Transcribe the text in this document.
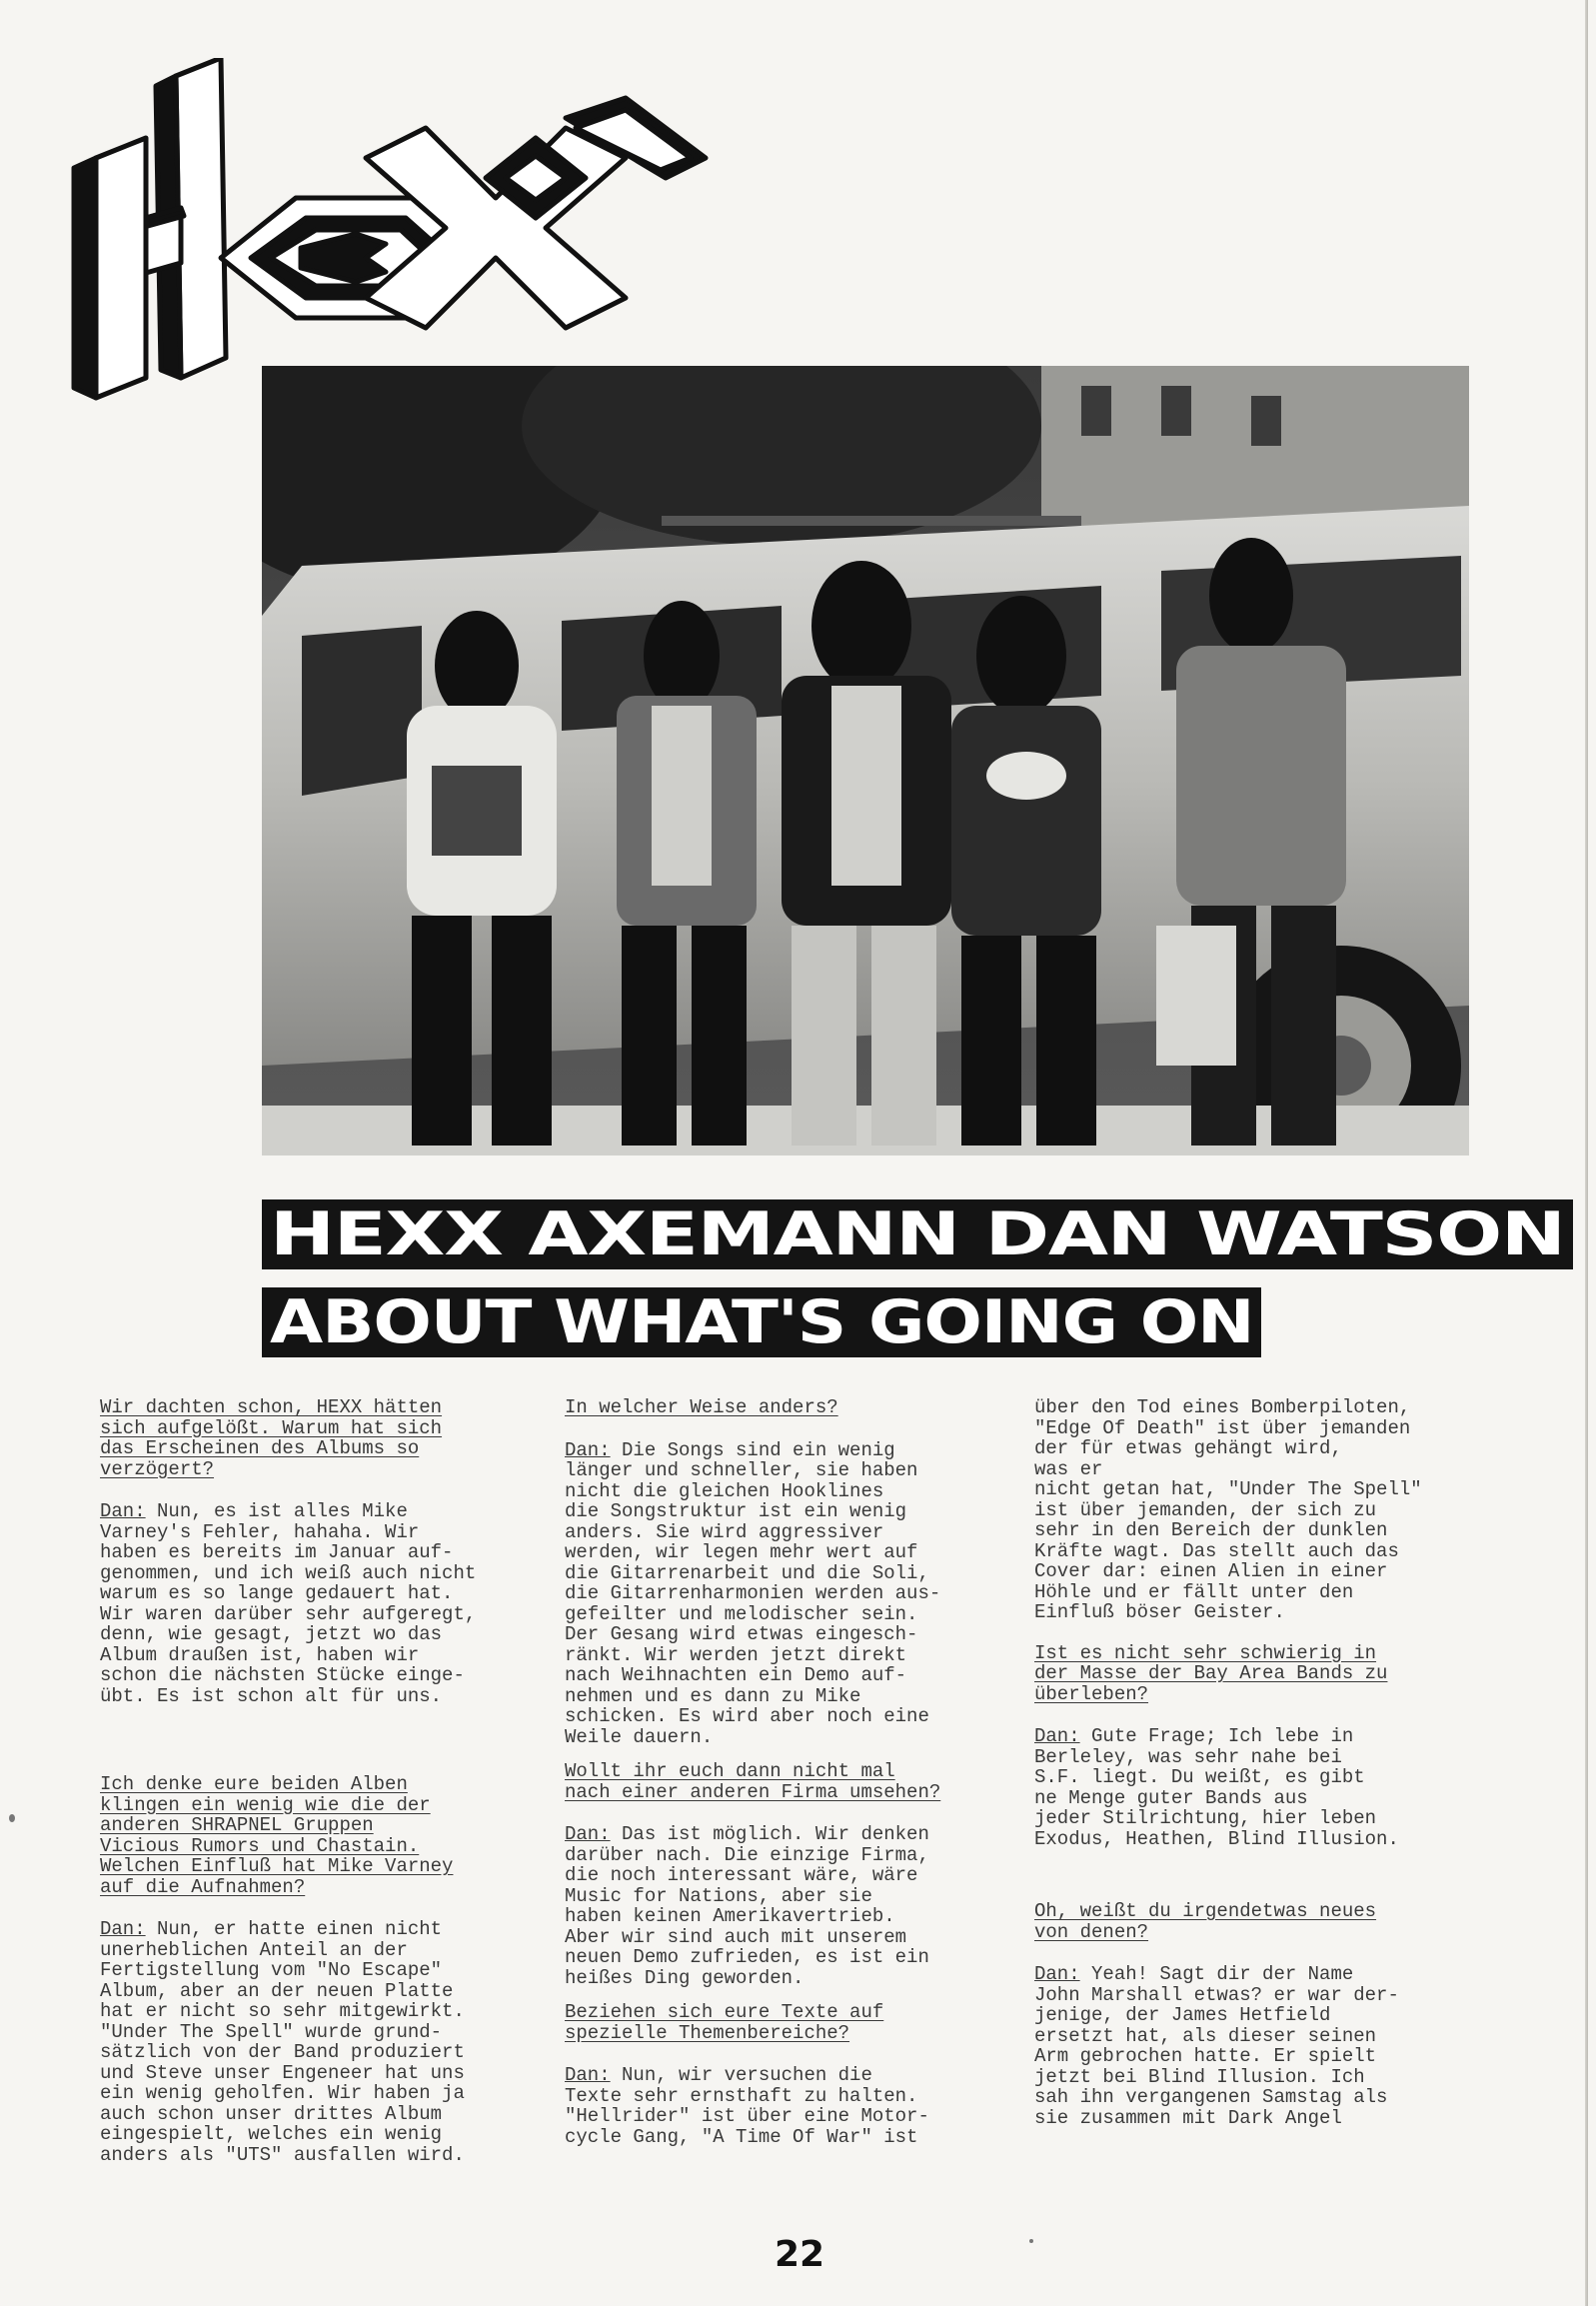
HEXX AXEMANN DAN WATSON
ABOUT WHAT'S GOING ON
Wir dachten schon, HEXX hätten
sich aufgelößt. Warum hat sich
das Erscheinen des Albums so
verzögert?
Dan: Nun, es ist alles Mike
Varney's Fehler, hahaha. Wir
haben es bereits im Januar auf-
genommen, und ich weiß auch nicht
warum es so lange gedauert hat.
Wir waren darüber sehr aufgeregt,
denn, wie gesagt, jetzt wo das
Album draußen ist, haben wir
schon die nächsten Stücke einge-
übt. Es ist schon alt für uns.
Ich denke eure beiden Alben
klingen ein wenig wie die der
anderen SHRAPNEL Gruppen
Vicious Rumors und Chastain.
Welchen Einfluß hat Mike Varney
auf die Aufnahmen?
Dan: Nun, er hatte einen nicht
unerheblichen Anteil an der
Fertigstellung vom "No Escape"
Album, aber an der neuen Platte
hat er nicht so sehr mitgewirkt.
"Under The Spell" wurde grund-
sätzlich von der Band produziert
und Steve unser Engeneer hat uns
ein wenig geholfen. Wir haben ja
auch schon unser drittes Album
eingespielt, welches ein wenig
anders als "UTS" ausfallen wird.
In welcher Weise anders?
Dan: Die Songs sind ein wenig
länger und schneller, sie haben
nicht die gleichen Hooklines
die Songstruktur ist ein wenig
anders. Sie wird aggressiver
werden, wir legen mehr wert auf
die Gitarrenarbeit und die Soli,
die Gitarrenharmonien werden aus-
gefeilter und melodischer sein.
Der Gesang wird etwas eingesch-
ränkt. Wir werden jetzt direkt
nach Weihnachten ein Demo auf-
nehmen und es dann zu Mike
schicken. Es wird aber noch eine
Weile dauern.
Wollt ihr euch dann nicht mal
nach einer anderen Firma umsehen?
Dan: Das ist möglich. Wir denken
darüber nach. Die einzige Firma,
die noch interessant wäre, wäre
Music for Nations, aber sie
haben keinen Amerikavertrieb.
Aber wir sind auch mit unserem
neuen Demo zufrieden, es ist ein
heißes Ding geworden.
Beziehen sich eure Texte auf
spezielle Themenbereiche?
Dan: Nun, wir versuchen die
Texte sehr ernsthaft zu halten.
"Hellrider" ist über eine Motor-
cycle Gang, "A Time Of War" ist
über den Tod eines Bomberpiloten,
"Edge Of Death" ist über jemanden
der für etwas gehängt wird,
was er
nicht getan hat, "Under The Spell"
ist über jemanden, der sich zu
sehr in den Bereich der dunklen
Kräfte wagt. Das stellt auch das
Cover dar: einen Alien in einer
Höhle und er fällt unter den
Einfluß böser Geister.
Ist es nicht sehr schwierig in
der Masse der Bay Area Bands zu
überleben?
Dan: Gute Frage; Ich lebe in
Berleley, was sehr nahe bei
S.F. liegt. Du weißt, es gibt
ne Menge guter Bands aus
jeder Stilrichtung, hier leben
Exodus, Heathen, Blind Illusion.
Oh, weißt du irgendetwas neues
von denen?
Dan: Yeah! Sagt dir der Name
John Marshall etwas? er war der-
jenige, der James Hetfield
ersetzt hat, als dieser seinen
Arm gebrochen hatte. Er spielt
jetzt bei Blind Illusion. Ich
sah ihn vergangenen Samstag als
sie zusammen mit Dark Angel
22
